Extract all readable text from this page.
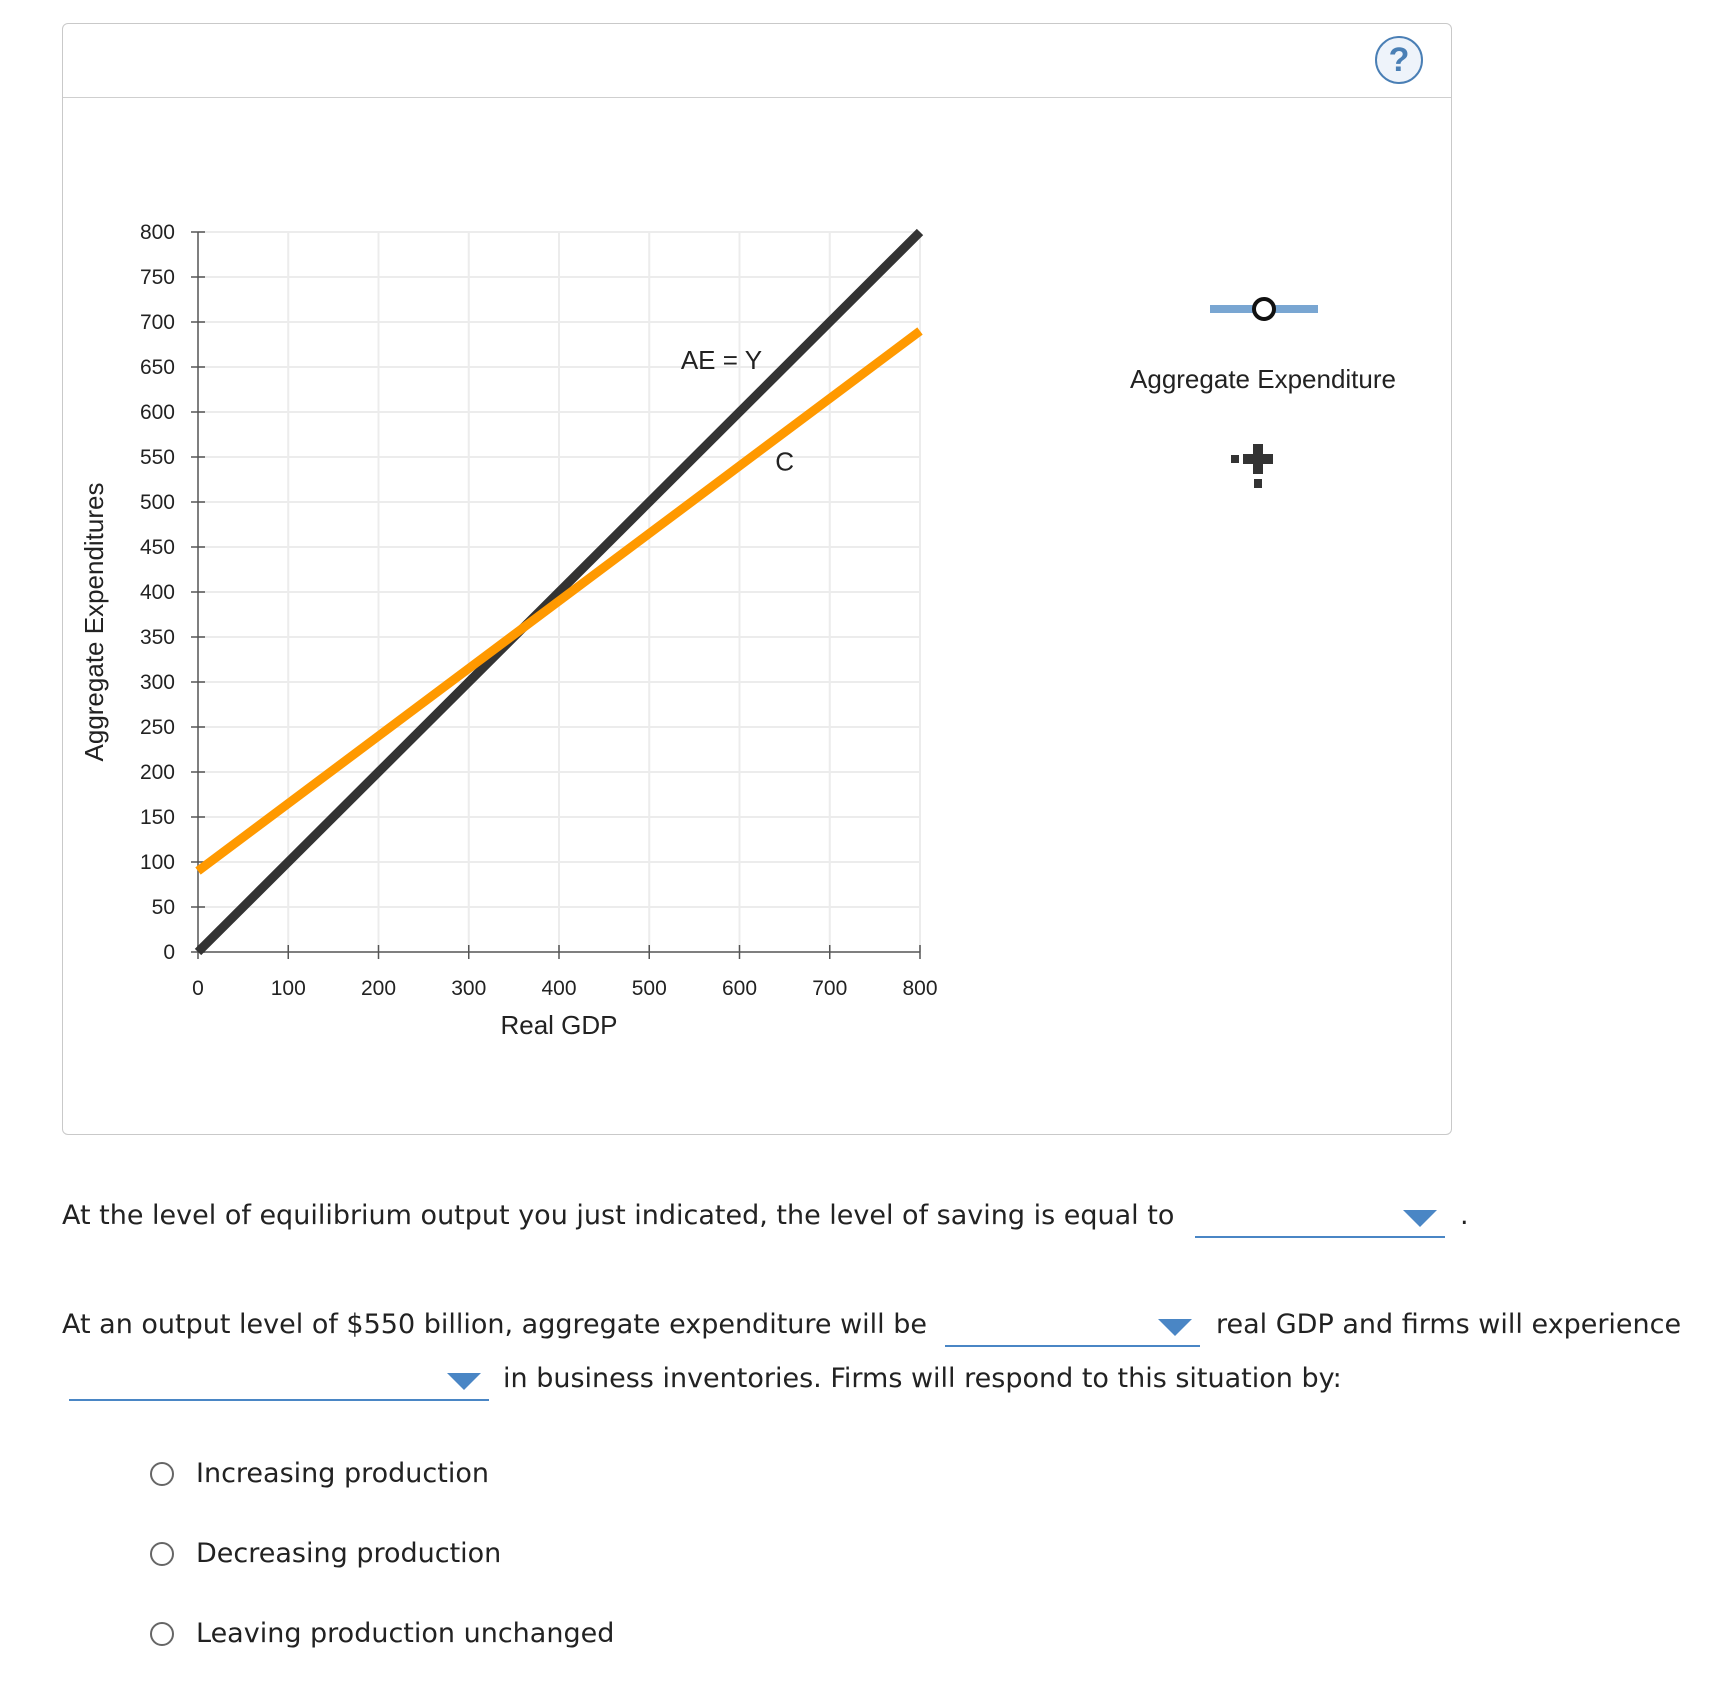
?
0
50
100
150
200
250
300
350
400
450
500
550
600
650
700
750
800
0	100	200	300	400	500	600	700	800
Real GDP
Aggregate Expenditures
AE = Y
C
Aggregate Expenditure
At the level of equilibrium output you just indicated, the level of saving is equal to	.
At an output level of $550 billion, aggregate expenditure will be	real GDP and firms will experience
in business inventories. Firms will respond to this situation by:
Increasing production
Decreasing production
Leaving production unchanged
